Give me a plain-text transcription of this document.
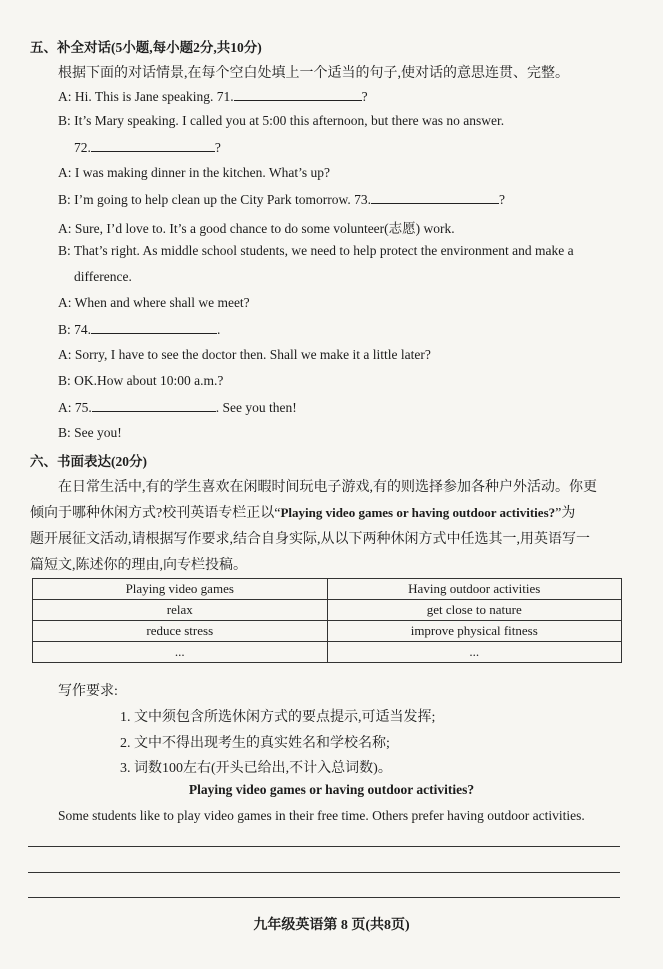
五、补全对话(5小题,每小题2分,共10分)
根据下面的对话情景,在每个空白处填上一个适当的句子,使对话的意思连贯、完整。
A: Hi. This is Jane speaking. 71.	?
B: It’s Mary speaking. I called you at 5:00 this afternoon, but there was no answer.
72.	?
A: I was making dinner in the kitchen. What’s up?
B: I’m going to help clean up the City Park tomorrow. 73.	?
A: Sure, I’d love to. It’s a good chance to do some volunteer(志愿) work.
B: That’s right. As middle school students, we need to help protect the environment and make a
difference.
A: When and where shall we meet?
B: 74.	.
A: Sorry, I have to see the doctor then. Shall we make it a little later?
B: OK.How about 10:00 a.m.?
A: 75.	. See you then!
B: See you!
六、书面表达(20分)
在日常生活中,有的学生喜欢在闲暇时间玩电子游戏,有的则选择参加各种户外活动。你更
倾向于哪种休闲方式?校刊英语专栏正以“Playing video games or having outdoor activities?”为
题开展征文活动,请根据写作要求,结合自身实际,从以下两种休闲方式中任选其一,用英语写一
篇短文,陈述你的理由,向专栏投稿。
Playing video games	Having outdoor activities
relax	get close to nature
reduce stress	improve physical fitness
...	...
写作要求:
1. 文中须包含所选休闲方式的要点提示,可适当发挥;
2. 文中不得出现考生的真实姓名和学校名称;
3. 词数100左右(开头已给出,不计入总词数)。
Playing video games or having outdoor activities?
Some students like to play video games in their free time. Others prefer having outdoor activities.
九年级英语第 8 页(共8页)
